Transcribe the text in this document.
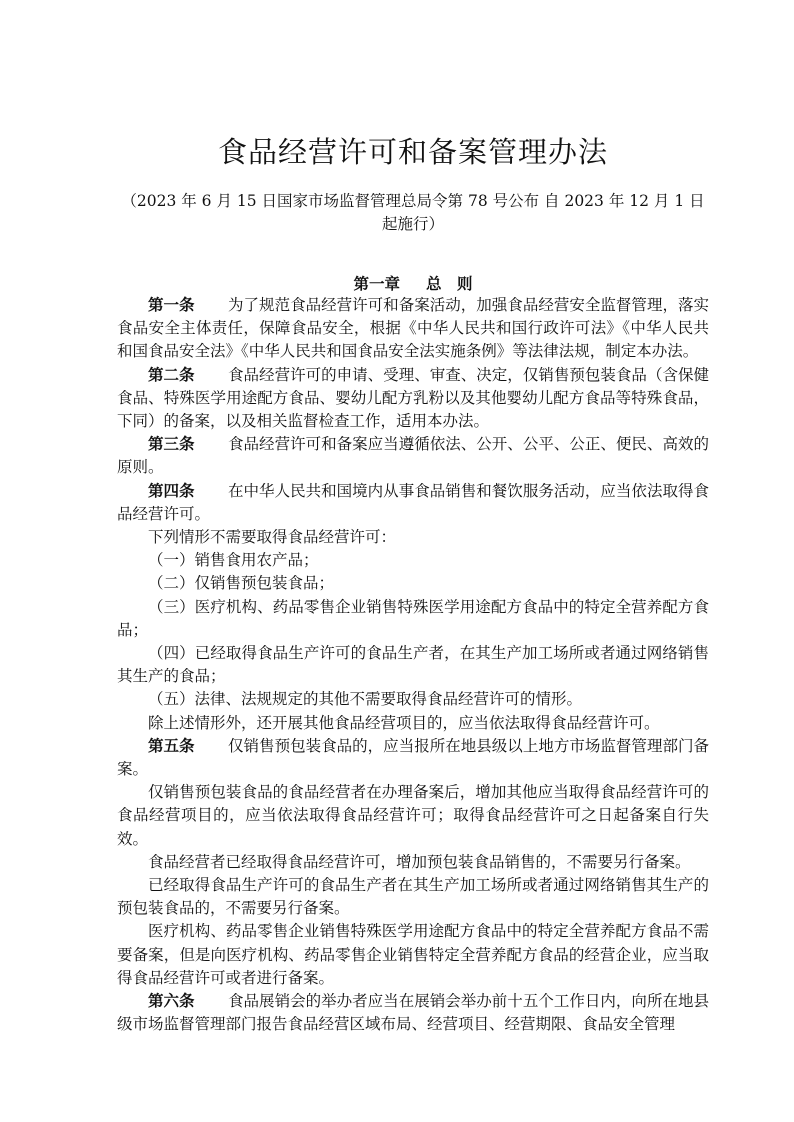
食品经营许可和备案管理办法
（2023 年 6 月 15 日国家市场监督管理总局令第 78 号公布 自 2023 年 12 月 1 日起施行）
第一章 总　则

第一条 为了规范食品经营许可和备案活动，加强食品经营安全监督管理，落实食品安全主体责任，保障食品安全，根据《中华人民共和国行政许可法》《中华人民共和国食品安全法》《中华人民共和国食品安全法实施条例》等法律法规，制定本办法。

第二条 食品经营许可的申请、受理、审查、决定，仅销售预包装食品（含保健食品、特殊医学用途配方食品、婴幼儿配方乳粉以及其他婴幼儿配方食品等特殊食品，下同）的备案，以及相关监督检查工作，适用本办法。

第三条 食品经营许可和备案应当遵循依法、公开、公平、公正、便民、高效的原则。

第四条 在中华人民共和国境内从事食品销售和餐饮服务活动，应当依法取得食品经营许可。

下列情形不需要取得食品经营许可：

（一）销售食用农产品；

（二）仅销售预包装食品；

（三）医疗机构、药品零售企业销售特殊医学用途配方食品中的特定全营养配方食品；

（四）已经取得食品生产许可的食品生产者，在其生产加工场所或者通过网络销售其生产的食品；

（五）法律、法规规定的其他不需要取得食品经营许可的情形。

除上述情形外，还开展其他食品经营项目的，应当依法取得食品经营许可。

第五条 仅销售预包装食品的，应当报所在地县级以上地方市场监督管理部门备案。

仅销售预包装食品的食品经营者在办理备案后，增加其他应当取得食品经营许可的食品经营项目的，应当依法取得食品经营许可；取得食品经营许可之日起备案自行失效。

食品经营者已经取得食品经营许可，增加预包装食品销售的，不需要另行备案。

已经取得食品生产许可的食品生产者在其生产加工场所或者通过网络销售其生产的预包装食品的，不需要另行备案。

医疗机构、药品零售企业销售特殊医学用途配方食品中的特定全营养配方食品不需要备案，但是向医疗机构、药品零售企业销售特定全营养配方食品的经营企业，应当取得食品经营许可或者进行备案。

第六条 食品展销会的举办者应当在展销会举办前十五个工作日内，向所在地县级市场监督管理部门报告食品经营区域布局、经营项目、经营期限、食品安全管理
